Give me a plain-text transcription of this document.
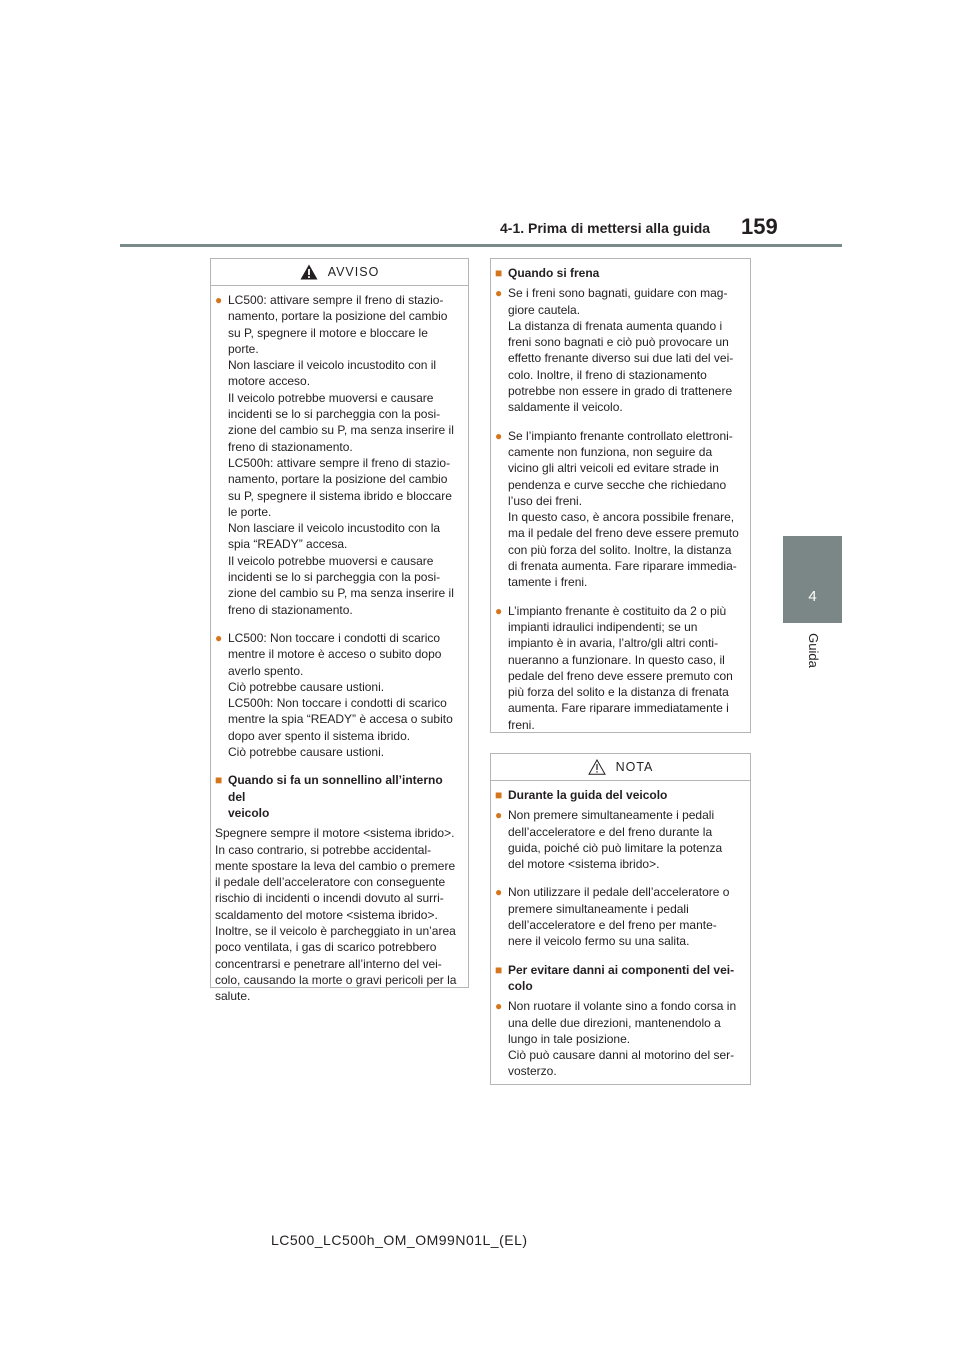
4-1. Prima di mettersi alla guida 159
4
Guida
AVVISO
● LC500: attivare sempre il freno di stazio-
namento, portare la posizione del cambio
su P, spegnere il motore e bloccare le
porte.
Non lasciare il veicolo incustodito con il
motore acceso.
Il veicolo potrebbe muoversi e causare
incidenti se lo si parcheggia con la posi-
zione del cambio su P, ma senza inserire il
freno di stazionamento.
LC500h: attivare sempre il freno di stazio-
namento, portare la posizione del cambio
su P, spegnere il sistema ibrido e bloccare
le porte.
Non lasciare il veicolo incustodito con la
spia “READY” accesa.
Il veicolo potrebbe muoversi e causare
incidenti se lo si parcheggia con la posi-
zione del cambio su P, ma senza inserire il
freno di stazionamento.
● LC500: Non toccare i condotti di scarico
mentre il motore è acceso o subito dopo
averlo spento.
Ciò potrebbe causare ustioni.
LC500h: Non toccare i condotti di scarico
mentre la spia “READY” è accesa o subito
dopo aver spento il sistema ibrido.
Ciò potrebbe causare ustioni.
■ Quando si fa un sonnellino all’interno del
veicolo
Spegnere sempre il motore <sistema ibrido>.
In caso contrario, si potrebbe accidental-
mente spostare la leva del cambio o premere
il pedale dell’acceleratore con conseguente
rischio di incidenti o incendi dovuto al surri-
scaldamento del motore <sistema ibrido>.
Inoltre, se il veicolo è parcheggiato in un’area
poco ventilata, i gas di scarico potrebbero
concentrarsi e penetrare all’interno del vei-
colo, causando la morte o gravi pericoli per la
salute.
■ Quando si frena
● Se i freni sono bagnati, guidare con mag-
giore cautela.
La distanza di frenata aumenta quando i
freni sono bagnati e ciò può provocare un
effetto frenante diverso sui due lati del vei-
colo. Inoltre, il freno di stazionamento
potrebbe non essere in grado di trattenere
saldamente il veicolo.
● Se l’impianto frenante controllato elettroni-
camente non funziona, non seguire da
vicino gli altri veicoli ed evitare strade in
pendenza e curve secche che richiedano
l’uso dei freni.
In questo caso, è ancora possibile frenare,
ma il pedale del freno deve essere premuto
con più forza del solito. Inoltre, la distanza
di frenata aumenta. Fare riparare immedia-
tamente i freni.
● L’impianto frenante è costituito da 2 o più
impianti idraulici indipendenti; se un
impianto è in avaria, l’altro/gli altri conti-
nueranno a funzionare. In questo caso, il
pedale del freno deve essere premuto con
più forza del solito e la distanza di frenata
aumenta. Fare riparare immediatamente i
freni.
NOTA
■ Durante la guida del veicolo
● Non premere simultaneamente i pedali
dell’acceleratore e del freno durante la
guida, poiché ciò può limitare la potenza
del motore <sistema ibrido>.
● Non utilizzare il pedale dell’acceleratore o
premere simultaneamente i pedali
dell’acceleratore e del freno per mante-
nere il veicolo fermo su una salita.
■ Per evitare danni ai componenti del vei-
colo
● Non ruotare il volante sino a fondo corsa in
una delle due direzioni, mantenendolo a
lungo in tale posizione.
Ciò può causare danni al motorino del ser-
vosterzo.
LC500_LC500h_OM_OM99N01L_(EL)
